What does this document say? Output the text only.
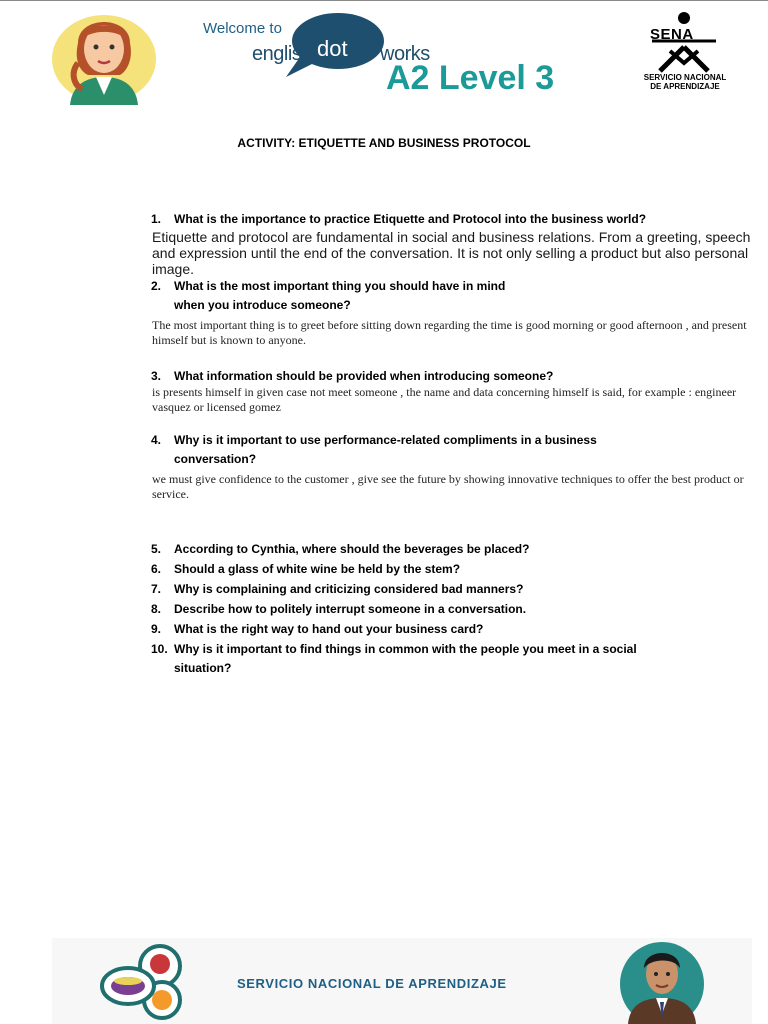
Welcome to
english dot works
A2 Level 3
SENA
SERVICIO NACIONAL
DE APRENDIZAJE
ACTIVITY: ETIQUETTE AND BUSINESS PROTOCOL
1. What is the importance to practice Etiquette and Protocol into the business world?
Etiquette and protocol are fundamental in social and business relations. From a greeting, speech and expression until the end of the conversation. It is not only selling a product but also personal image.
2. What is the most important thing you should have in mind
when you introduce someone?
The most important thing is to greet before sitting down regarding the time is good morning or good afternoon , and present himself but is known to anyone.
3. What information should be provided when introducing someone?
is presents himself in given case not meet someone , the name and data concerning himself is said, for example : engineer vasquez or licensed gomez
4. Why is it important to use performance-related compliments in a business
conversation?
we must give confidence to the customer , give see the future by showing innovative techniques to offer the best product or service.
5. According to Cynthia, where should the beverages be placed?
6. Should a glass of white wine be held by the stem?
7. Why is complaining and criticizing considered bad manners?
8. Describe how to politely interrupt someone in a conversation.
9. What is the right way to hand out your business card?
10. Why is it important to find things in common with the people you meet in a social
situation?
SERVICIO NACIONAL DE APRENDIZAJE
